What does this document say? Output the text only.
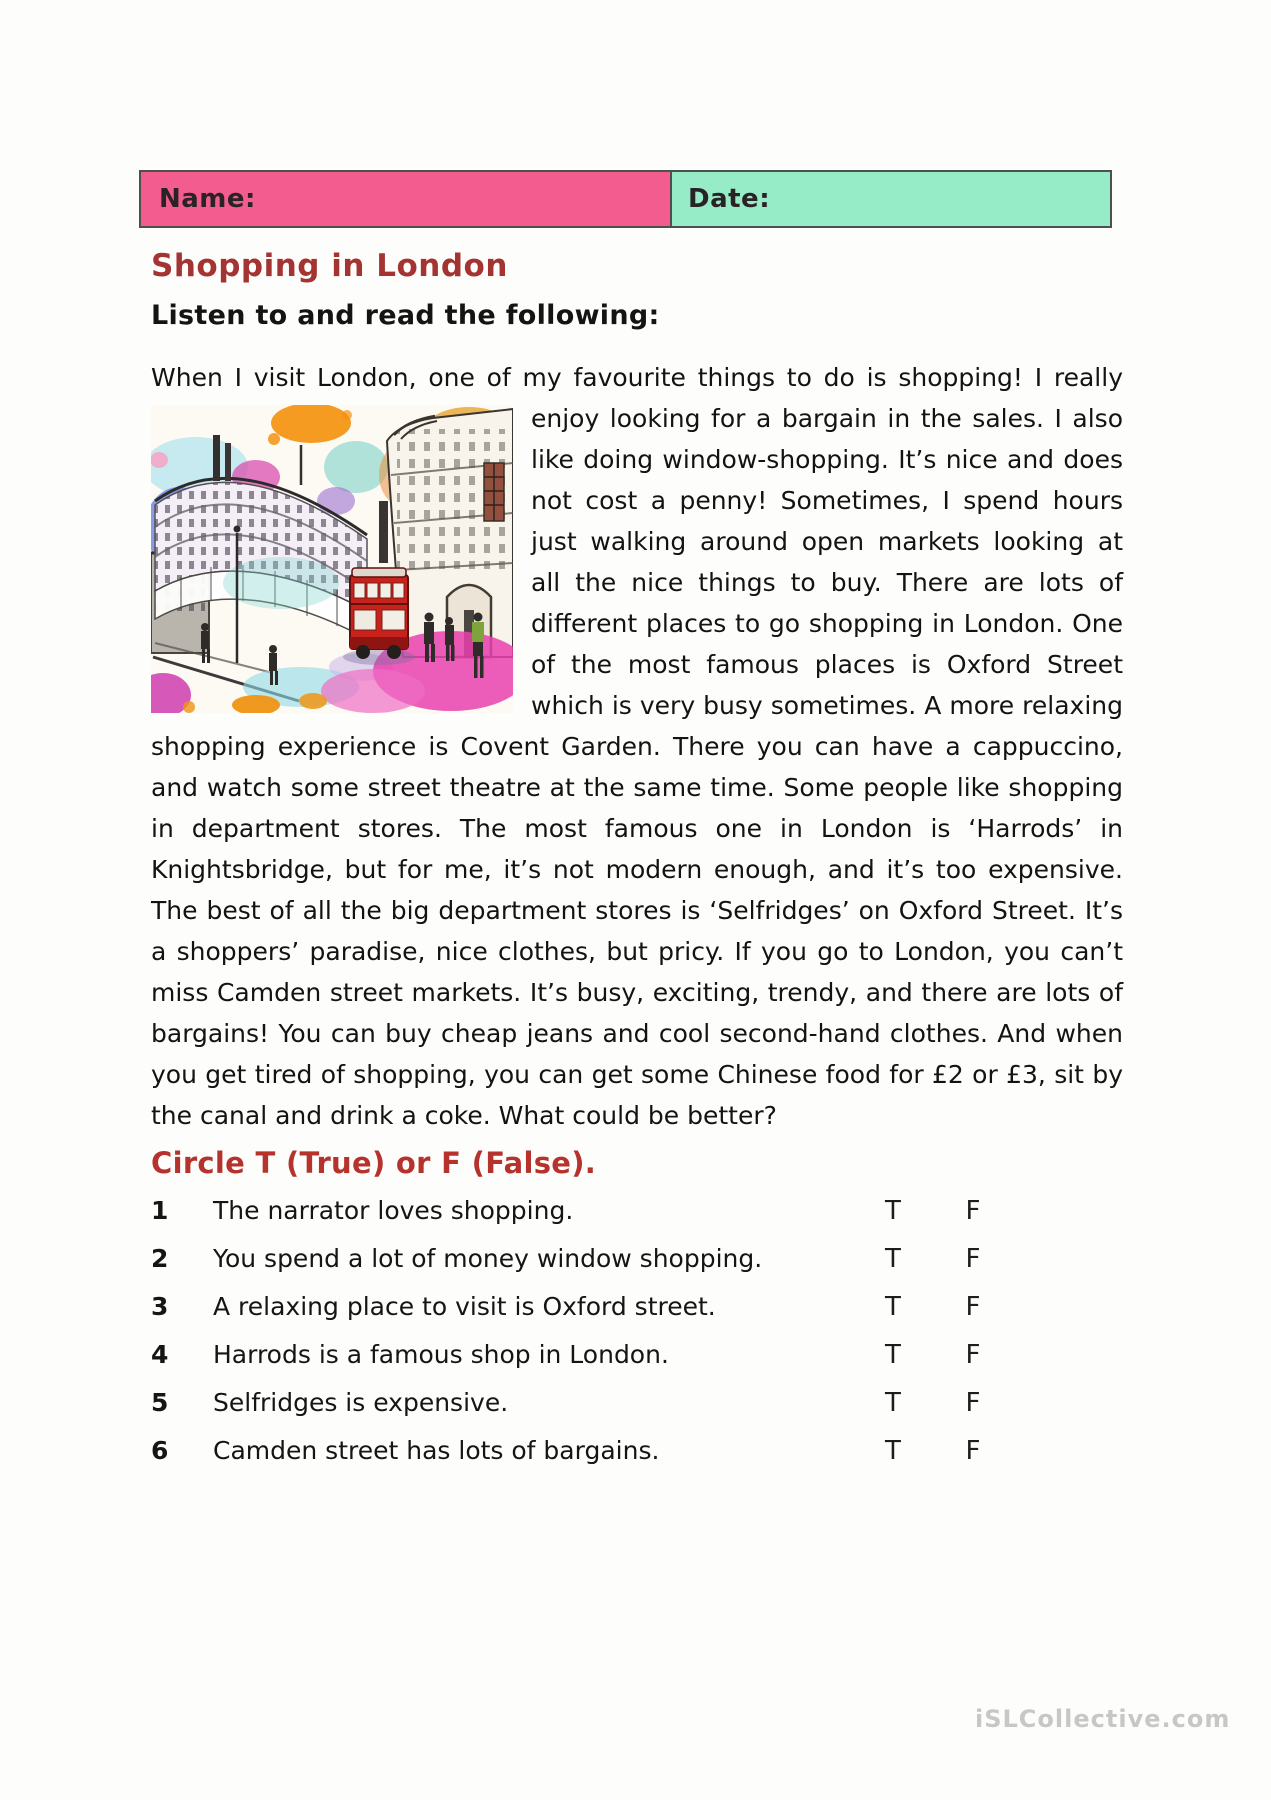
Name:	Date:
Shopping in London
Listen to and read the following:

When I visit London, one of my favourite things to do is shopping! I really enjoy looking for a bargain in the sales. I also like doing window-shopping. It’s nice and does not cost a penny! Sometimes, I spend hours just walking around open markets looking at all the nice things to buy. There are lots of different places to go shopping in London. One of the most famous places is Oxford Street which is very busy sometimes. A more relaxing shopping experience is Covent Garden. There you can have a cappuccino, and watch some street theatre at the same time. Some people like shopping in department stores. The most famous one in London is ‘Harrods’ in Knightsbridge, but for me, it’s not modern enough, and it’s too expensive. The best of all the big department stores is ‘Selfridges’ on Oxford Street. It’s a shoppers’ paradise, nice clothes, but pricy. If you go to London, you can’t miss Camden street markets. It’s busy, exciting, trendy, and there are lots of bargains! You can buy cheap jeans and cool second-hand clothes. And when you get tired of shopping, you can get some Chinese food for £2 or £3, sit by the canal and drink a coke. What could be better?

Circle T (True) or F (False).
1	The narrator loves shopping.	T	F
2	You spend a lot of money window shopping.	T	F
3	A relaxing place to visit is Oxford street.	T	F
4	Harrods is a famous shop in London.	T	F
5	Selfridges is expensive.	T	F
6	Camden street has lots of bargains.	T	F
iSLCollective.com
